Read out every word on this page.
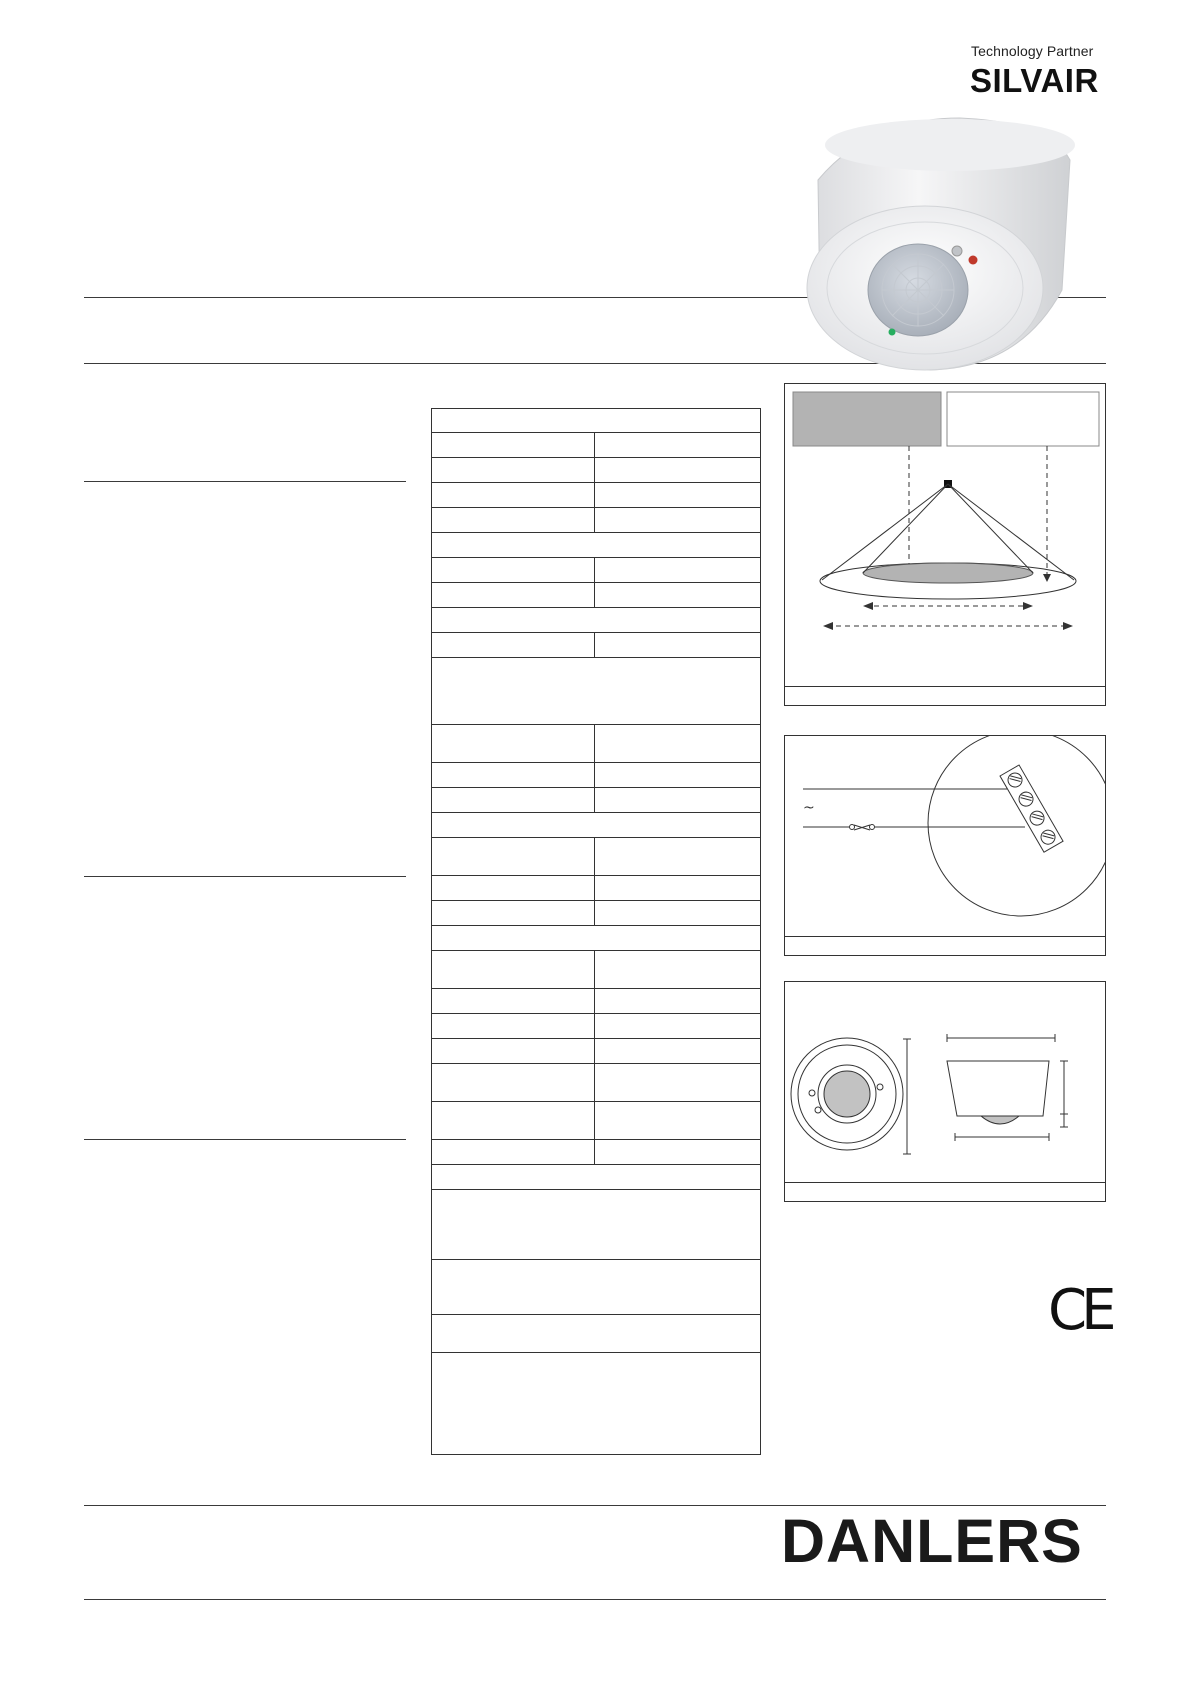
Technology Partner
SILVAIR
~
CE
DANLERS
